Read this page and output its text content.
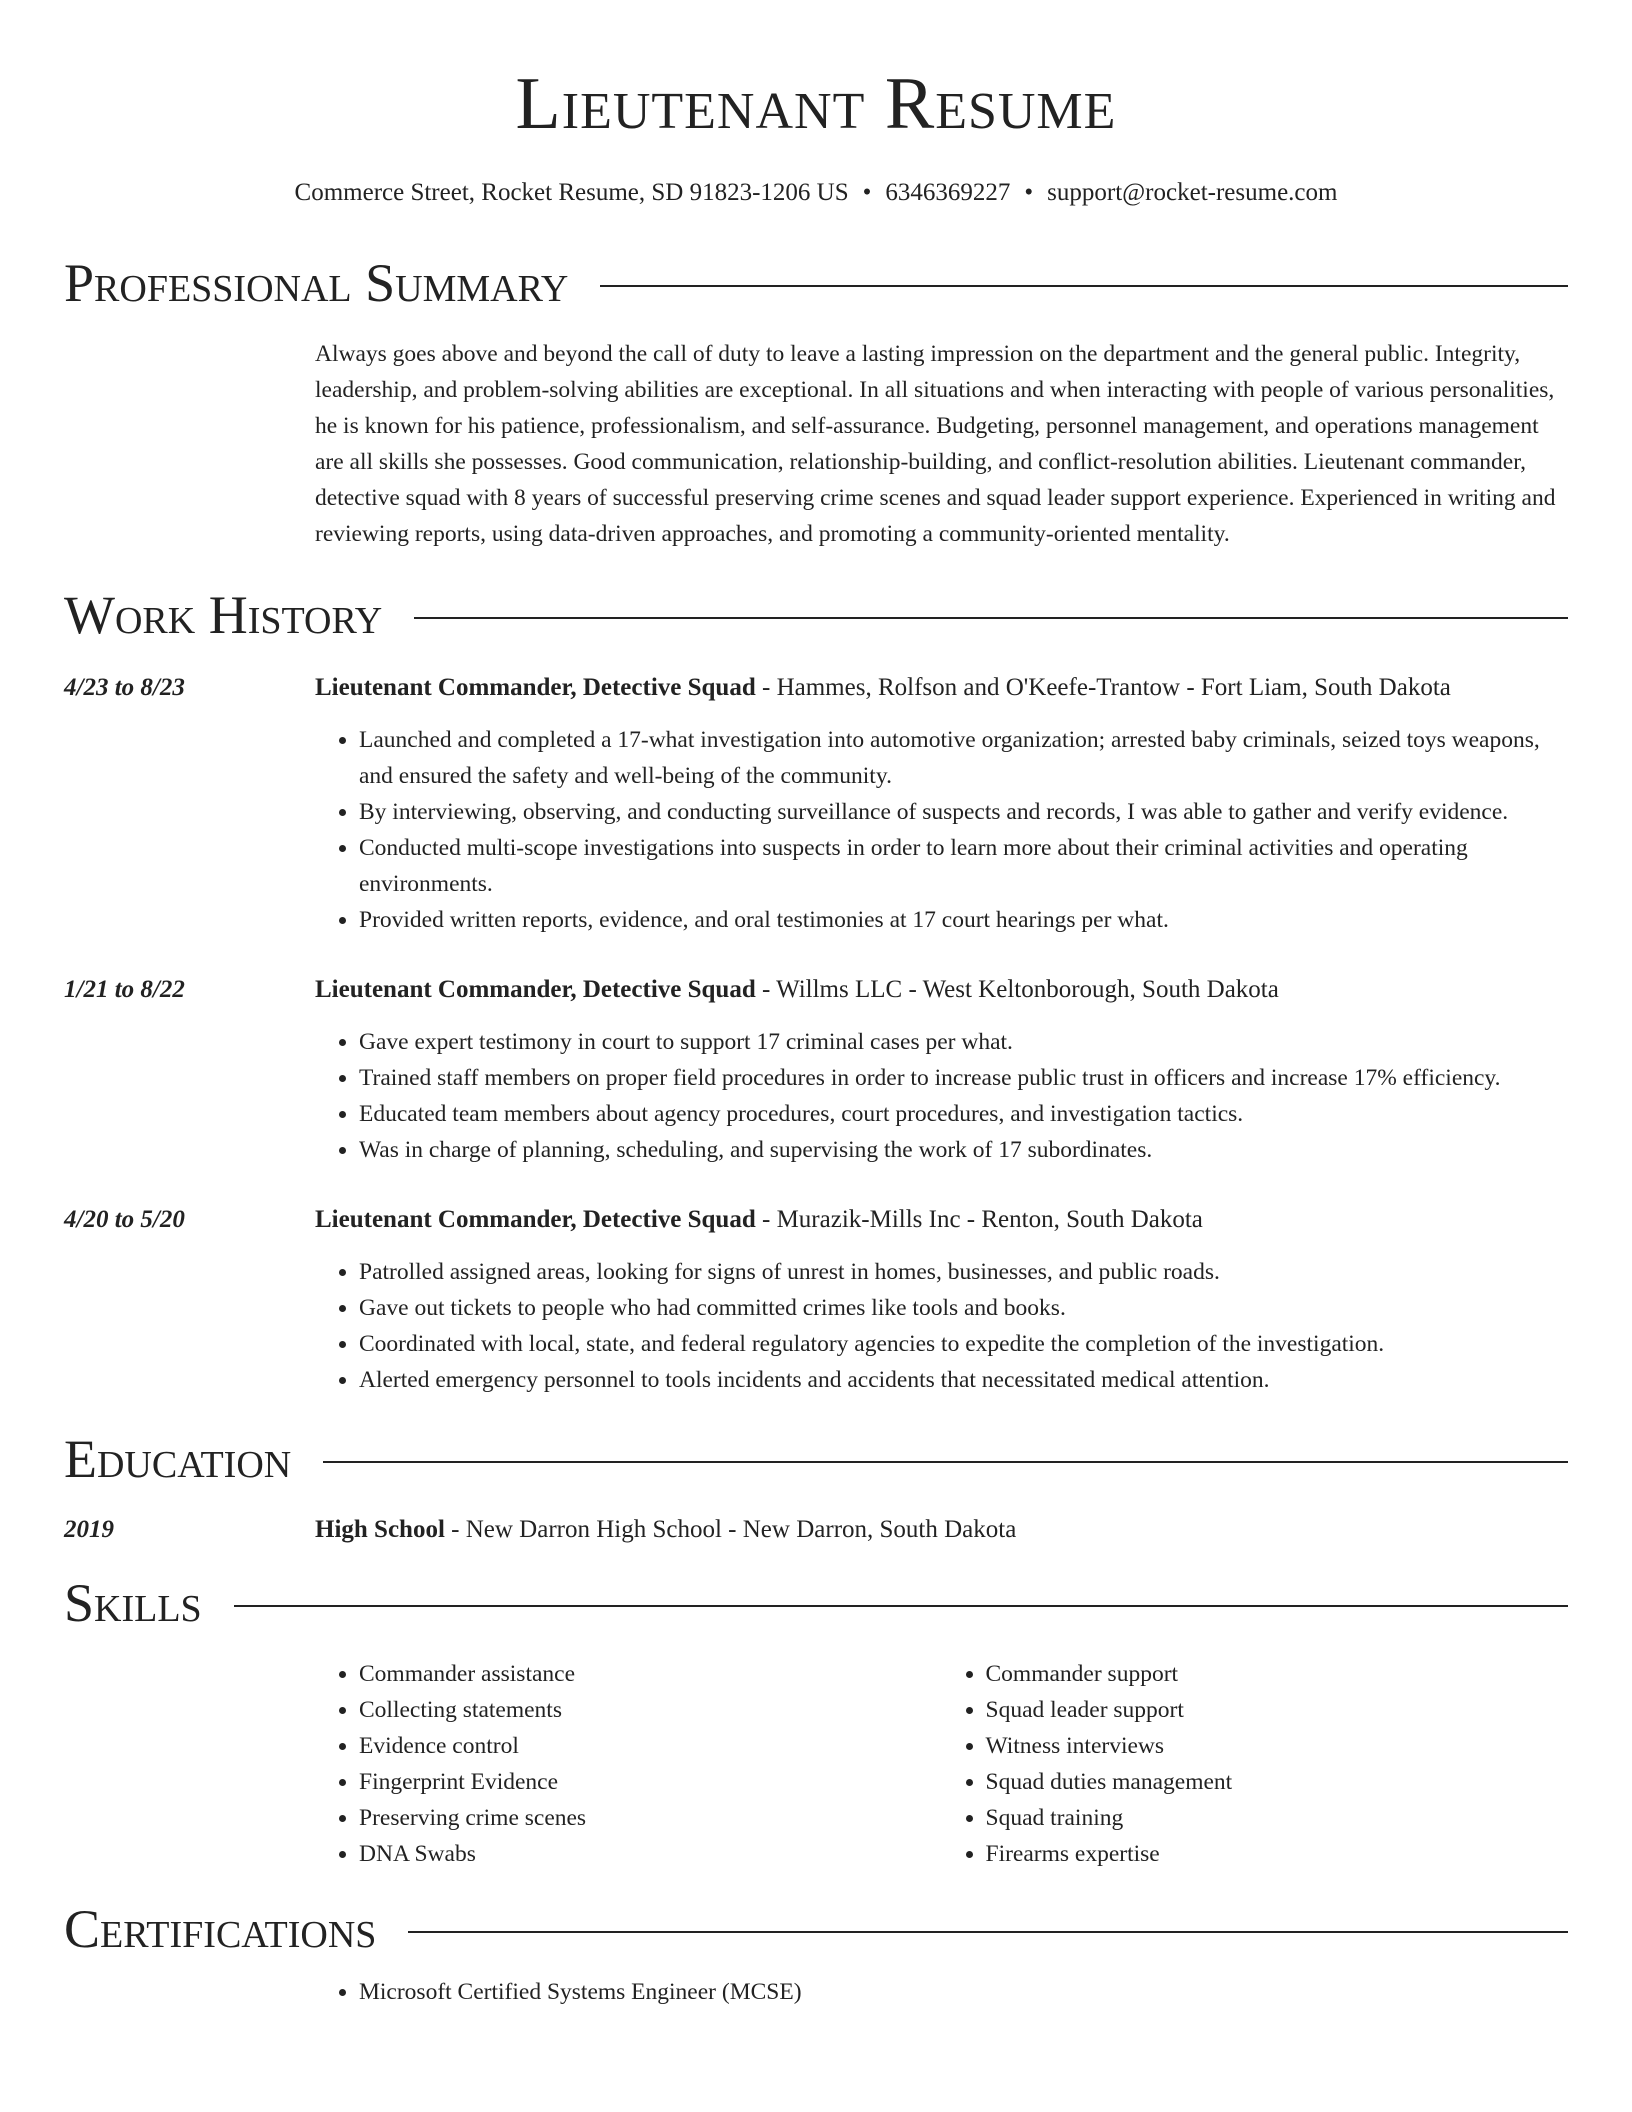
Lieutenant Resume
Commerce Street, Rocket Resume, SD 91823-1206 US • 6346369227 • support@rocket-resume.com
Professional Summary
Always goes above and beyond the call of duty to leave a lasting impression on the department and the general public. Integrity, leadership, and problem-solving abilities are exceptional. In all situations and when interacting with people of various personalities, he is known for his patience, professionalism, and self-assurance. Budgeting, personnel management, and operations management are all skills she possesses. Good communication, relationship-building, and conflict-resolution abilities. Lieutenant commander, detective squad with 8 years of successful preserving crime scenes and squad leader support experience. Experienced in writing and reviewing reports, using data-driven approaches, and promoting a community-oriented mentality.
Work History
4/23 to 8/23	Lieutenant Commander, Detective Squad - Hammes, Rolfson and O'Keefe-Trantow - Fort Liam, South Dakota
• Launched and completed a 17-what investigation into automotive organization; arrested baby criminals, seized toys weapons, and ensured the safety and well-being of the community.
• By interviewing, observing, and conducting surveillance of suspects and records, I was able to gather and verify evidence.
• Conducted multi-scope investigations into suspects in order to learn more about their criminal activities and operating environments.
• Provided written reports, evidence, and oral testimonies at 17 court hearings per what.
1/21 to 8/22	Lieutenant Commander, Detective Squad - Willms LLC - West Keltonborough, South Dakota
• Gave expert testimony in court to support 17 criminal cases per what.
• Trained staff members on proper field procedures in order to increase public trust in officers and increase 17% efficiency.
• Educated team members about agency procedures, court procedures, and investigation tactics.
• Was in charge of planning, scheduling, and supervising the work of 17 subordinates.
4/20 to 5/20	Lieutenant Commander, Detective Squad - Murazik-Mills Inc - Renton, South Dakota
• Patrolled assigned areas, looking for signs of unrest in homes, businesses, and public roads.
• Gave out tickets to people who had committed crimes like tools and books.
• Coordinated with local, state, and federal regulatory agencies to expedite the completion of the investigation.
• Alerted emergency personnel to tools incidents and accidents that necessitated medical attention.
Education
2019	High School - New Darron High School - New Darron, South Dakota
Skills
• Commander assistance
• Collecting statements
• Evidence control
• Fingerprint Evidence
• Preserving crime scenes
• DNA Swabs
• Commander support
• Squad leader support
• Witness interviews
• Squad duties management
• Squad training
• Firearms expertise
Certifications
• Microsoft Certified Systems Engineer (MCSE)
